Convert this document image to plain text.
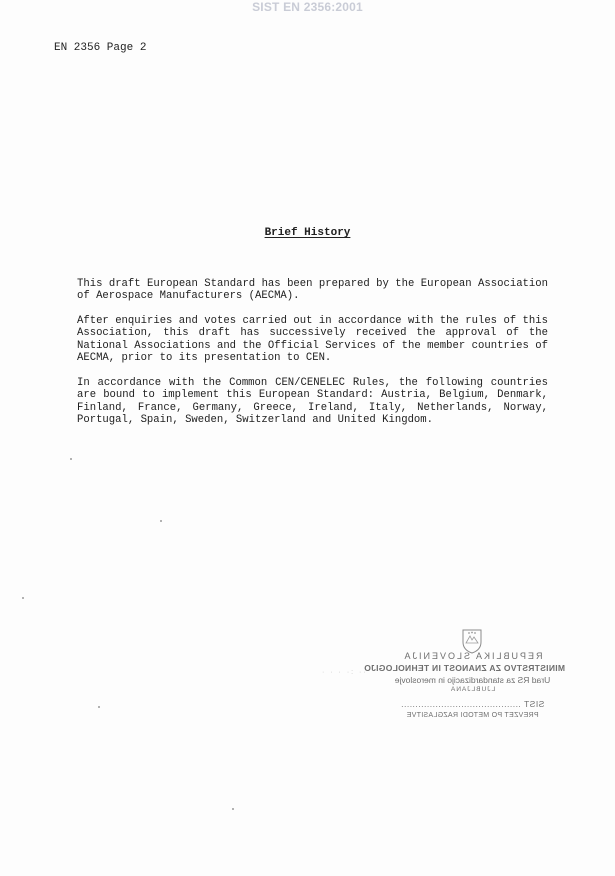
SIST EN 2356:2001
EN 2356 Page 2
Brief History

This draft European Standard has been prepared by the European Association of Aerospace Manufacturers (AECMA).

After enquiries and votes carried out in accordance with the rules of this Association, this draft has successively received the approval of the National Associations and the Official Services of the member countries of AECMA, prior to its presentation to CEN.

In accordance with the Common CEN/CENELEC Rules, the following countries are bound to implement this European Standard: Austria, Belgium, Denmark, Finland, France, Germany, Greece, Ireland, Italy, Netherlands, Norway, Portugal, Spain, Sweden, Switzerland and United Kingdom.

· · · ·: ··
REPUBLIKA SLOVENIJA
MINISTRSTVO ZA ZNANOST IN TEHNOLOGIJO
Urad RS za standardizacijo in meroslovje
LJUBLJANA
SIST ..........................................
PREVZET PO METODI RAZGLASITVE
